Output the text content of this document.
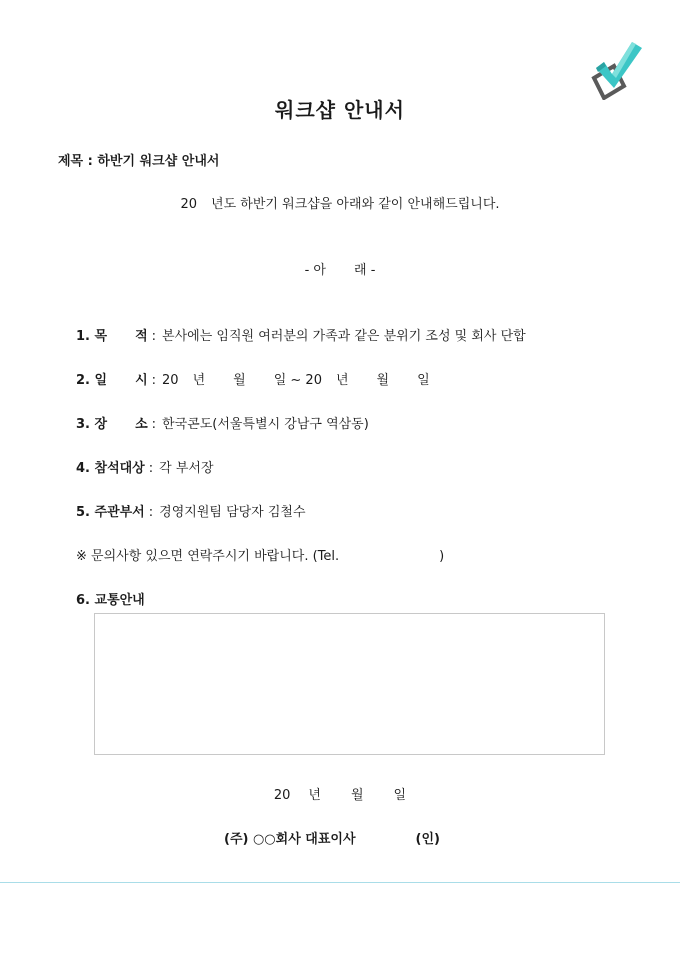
워크샵 안내서
제목 : 하반기 워크샵 안내서
20 년도 하반기 워크샵을 아래와 같이 안내해드립니다.
- 아 래 -
1. 목 적 : 본사에는 임직원 여러분의 가족과 같은 분위기 조성 및 회사 단합
2. 일 시 : 20 년 월 일 ~ 20 년 월 일
3. 장 소 : 한국콘도(서울특별시 강남구 역삼동)
4. 참석대상 : 각 부서장
5. 주관부서 : 경영지원팀 담당자 김철수
※ 문의사항 있으면 연락주시기 바랍니다. (Tel.	)
6. 교통안내
20 년 월 일
(주) ○○회사 대표이사	(인)
